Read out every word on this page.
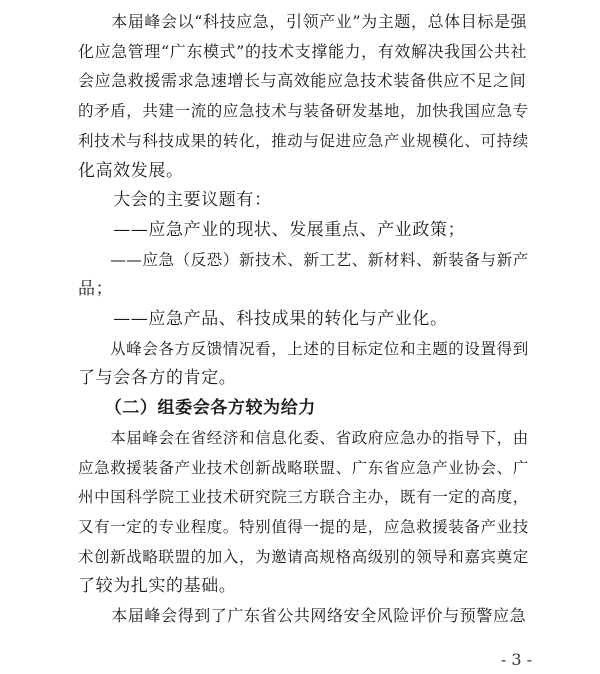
　　本届峰会以“科技应急，引领产业”为主题，总体目标是强
化应急管理“广东模式”的技术支撑能力，有效解决我国公共社
会应急救援需求急速增长与高效能应急技术装备供应不足之间
的矛盾，共建一流的应急技术与装备研发基地，加快我国应急专
利技术与科技成果的转化，推动与促进应急产业规模化、可持续
化高效发展。
　　大会的主要议题有：
　　——应急产业的现状、发展重点、产业政策；
　　——应急（反恐）新技术、新工艺、新材料、新装备与新产
品；
　　——应急产品、科技成果的转化与产业化。
　　从峰会各方反馈情况看，上述的目标定位和主题的设置得到
了与会各方的肯定。
　　（二）组委会各方较为给力
　　本届峰会在省经济和信息化委、省政府应急办的指导下，由
应急救援装备产业技术创新战略联盟、广东省应急产业协会、广
州中国科学院工业技术研究院三方联合主办，既有一定的高度，
又有一定的专业程度。特别值得一提的是，应急救援装备产业技
术创新战略联盟的加入，为邀请高规格高级别的领导和嘉宾奠定
了较为扎实的基础。
　　本届峰会得到了广东省公共网络安全风险评价与预警应急
- 3 -
